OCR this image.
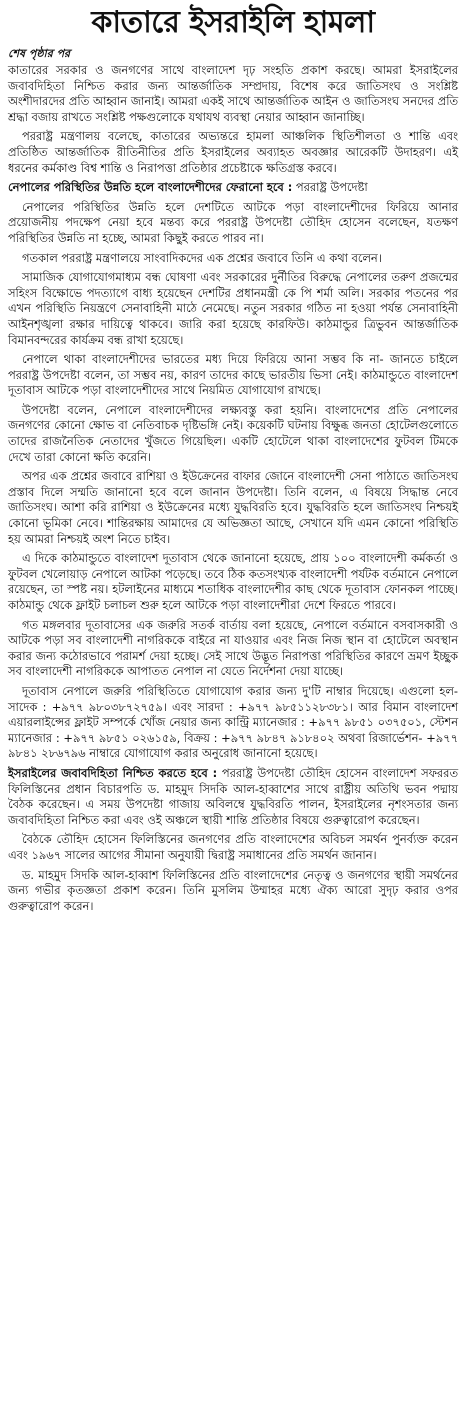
কাতারে ইসরাইলি হামলা
শেষ পৃষ্ঠার পর

কাতারের সরকার ও জনগণের সাথে বাংলাদেশ দৃঢ় সংহতি প্রকাশ করছে। আমরা ইসরাইলের জবাবদিহিতা নিশ্চিত করার জন্য আন্তর্জাতিক সম্প্রদায়, বিশেষ করে জাতিসংঘ ও সংশ্লিষ্ট অংশীদারদের প্রতি আহ্বান জানাই। আমরা একই সাথে আন্তর্জাতিক আইন ও জাতিসংঘ সনদের প্রতি শ্রদ্ধা বজায় রাখতে সংশ্লিষ্ট পক্ষগুলোকে যথাযথ ব্যবস্থা নেয়ার আহ্বান জানাচ্ছি।

পররাষ্ট্র মন্ত্রণালয় বলেছে, কাতারের অভ্যন্তরে হামলা আঞ্চলিক স্থিতিশীলতা ও শান্তি এবং প্রতিষ্ঠিত আন্তর্জাতিক রীতিনীতির প্রতি ইসরাইলের অব্যাহত অবজ্ঞার আরেকটি উদাহরণ। এই ধরনের কর্মকাণ্ড বিশ্ব শান্তি ও নিরাপত্তা প্রতিষ্ঠার প্রচেষ্টাকে ক্ষতিগ্রস্ত করবে।

নেপালের পরিস্থিতির উন্নতি হলে বাংলাদেশীদের ফেরানো হবে : পররাষ্ট্র উপদেষ্টা

নেপালের পরিস্থিতির উন্নতি হলে দেশটিতে আটকে পড়া বাংলাদেশীদের ফিরিয়ে আনার প্রয়োজনীয় পদক্ষেপ নেয়া হবে মন্তব্য করে পররাষ্ট্র উপদেষ্টা তৌহিদ হোসেন বলেছেন, যতক্ষণ পরিস্থিতির উন্নতি না হচ্ছে, আমরা কিছুই করতে পারব না।

গতকাল পররাষ্ট্র মন্ত্রণালয়ে সাংবাদিকদের এক প্রশ্নের জবাবে তিনি এ কথা বলেন।

সামাজিক যোগাযোগমাধ্যম বন্ধ ঘোষণা এবং সরকারের দুর্নীতির বিরুদ্ধে নেপালের তরুণ প্রজন্মের সহিংস বিক্ষোভে পদত্যাগে বাধ্য হয়েছেন দেশটির প্রধানমন্ত্রী কে পি শর্মা অলি। সরকার পতনের পর এখন পরিস্থিতি নিয়ন্ত্রণে সেনাবাহিনী মাঠে নেমেছে। নতুন সরকার গঠিত না হওয়া পর্যন্ত সেনাবাহিনী আইনশৃঙ্খলা রক্ষার দায়িত্বে থাকবে। জারি করা হয়েছে কারফিউ। কাঠমান্ডুর ত্রিভুবন আন্তর্জাতিক বিমানবন্দরের কার্যক্রম বন্ধ রাখা হয়েছে।

নেপালে থাকা বাংলাদেশীদের ভারতের মধ্য দিয়ে ফিরিয়ে আনা সম্ভব কি না- জানতে চাইলে পররাষ্ট্র উপদেষ্টা বলেন, তা সম্ভব নয়, কারণ তাদের কাছে ভারতীয় ভিসা নেই। কাঠমান্ডুতে বাংলাদেশ দূতাবাস আটকে পড়া বাংলাদেশীদের সাথে নিয়মিত যোগাযোগ রাখছে।

উপদেষ্টা বলেন, নেপালে বাংলাদেশীদের লক্ষ্যবস্তু করা হয়নি। বাংলাদেশের প্রতি নেপালের জনগণের কোনো ক্ষোভ বা নেতিবাচক দৃষ্টিভঙ্গি নেই। কয়েকটি ঘটনায় বিক্ষুব্ধ জনতা হোটেলগুলোতে তাদের রাজনৈতিক নেতাদের খুঁজতে গিয়েছিল। একটি হোটেলে থাকা বাংলাদেশের ফুটবল টিমকে দেখে তারা কোনো ক্ষতি করেনি।

অপর এক প্রশ্নের জবাবে রাশিয়া ও ইউক্রেনের বাফার জোনে বাংলাদেশী সেনা পাঠাতে জাতিসংঘ প্রস্তাব দিলে সম্মতি জানানো হবে বলে জানান উপদেষ্টা। তিনি বলেন, এ বিষয়ে সিদ্ধান্ত নেবে জাতিসংঘ। আশা করি রাশিয়া ও ইউক্রেনের মধ্যে যুদ্ধবিরতি হবে। যুদ্ধবিরতি হলে জাতিসংঘ নিশ্চয়ই কোনো ভূমিকা নেবে। শান্তিরক্ষায় আমাদের যে অভিজ্ঞতা আছে, সেখানে যদি এমন কোনো পরিস্থিতি হয় আমরা নিশ্চয়ই অংশ নিতে চাইব।

এ দিকে কাঠমান্ডুতে বাংলাদেশ দূতাবাস থেকে জানানো হয়েছে, প্রায় ১০০ বাংলাদেশী কর্মকর্তা ও ফুটবল খেলোয়াড় নেপালে আটকা পড়েছে। তবে ঠিক কতসংখ্যক বাংলাদেশী পর্যটক বর্তমানে নেপালে রয়েছেন, তা স্পষ্ট নয়। হটলাইনের মাধ্যমে শতাধিক বাংলাদেশীর কাছ থেকে দূতাবাস ফোনকল পাচ্ছে। কাঠমান্ডু থেকে ফ্লাইট চলাচল শুরু হলে আটকে পড়া বাংলাদেশীরা দেশে ফিরতে পারবে।

গত মঙ্গলবার দূতাবাসের এক জরুরি সতর্ক বার্তায় বলা হয়েছে, নেপালে বর্তমানে বসবাসকারী ও আটকে পড়া সব বাংলাদেশী নাগরিককে বাইরে না যাওয়ার এবং নিজ নিজ স্থান বা হোটেলে অবস্থান করার জন্য কঠোরভাবে পরামর্শ দেয়া হচ্ছে। সেই সাথে উদ্ভূত নিরাপত্তা পরিস্থিতির কারণে ভ্রমণ ইচ্ছুক সব বাংলাদেশী নাগরিককে আপাতত নেপাল না যেতে নির্দেশনা দেয়া যাচ্ছে।

দূতাবাস নেপালে জরুরি পরিস্থিতিতে যোগাযোগ করার জন্য দু'টি নাম্বার দিয়েছে। এগুলো হল- সাদেক : +৯৭৭ ৯৮০৩৮৭২৭৫৯। এবং সারদা : +৯৭৭ ৯৮৫১১২৮৩৮১। আর বিমান বাংলাদেশ এয়ারলাইন্সের ফ্লাইট সম্পর্কে খোঁজ নেয়ার জন্য কান্ট্রি ম্যানেজার : +৯৭৭ ৯৮৫১ ০৩৭৫০১, স্টেশন ম্যানেজার : +৯৭৭ ৯৮৫১ ০২৬১৫৯, বিক্রয় : +৯৭৭ ৯৮৪৭ ৯১৮৪০২ অথবা রিজার্ভেশন- +৯৭৭ ৯৮৪১ ২৮৬৭৯৬ নাম্বারে যোগাযোগ করার অনুরোধ জানানো হয়েছে।

ইসরাইলের জবাবদিহিতা নিশ্চিত করতে হবে : পররাষ্ট্র উপদেষ্টা তৌহিদ হোসেন বাংলাদেশ সফররত ফিলিস্তিনের প্রধান বিচারপতি ড. মাহমুদ সিদকি আল-হাব্বাশের সাথে রাষ্ট্রীয় অতিথি ভবন পদ্মায় বৈঠক করেছেন। এ সময় উপদেষ্টা গাজায় অবিলম্বে যুদ্ধবিরতি পালন, ইসরাইলের নৃশংসতার জন্য জবাবদিহিতা নিশ্চিত করা এবং ওই অঞ্চলে স্থায়ী শান্তি প্রতিষ্ঠার বিষয়ে গুরুত্বারোপ করেছেন।

বৈঠকে তৌহিদ হোসেন ফিলিস্তিনের জনগণের প্রতি বাংলাদেশের অবিচল সমর্থন পুনর্ব্যক্ত করেন এবং ১৯৬৭ সালের আগের সীমানা অনুযায়ী দ্বিরাষ্ট্র সমাধানের প্রতি সমর্থন জানান।

ড. মাহমুদ সিদকি আল-হাব্বাশ ফিলিস্তিনের প্রতি বাংলাদেশের নেতৃত্ব ও জনগণের স্থায়ী সমর্থনের জন্য গভীর কৃতজ্ঞতা প্রকাশ করেন। তিনি মুসলিম উম্মাহর মধ্যে ঐক্য আরো সুদৃঢ় করার ওপর গুরুত্বারোপ করেন।
